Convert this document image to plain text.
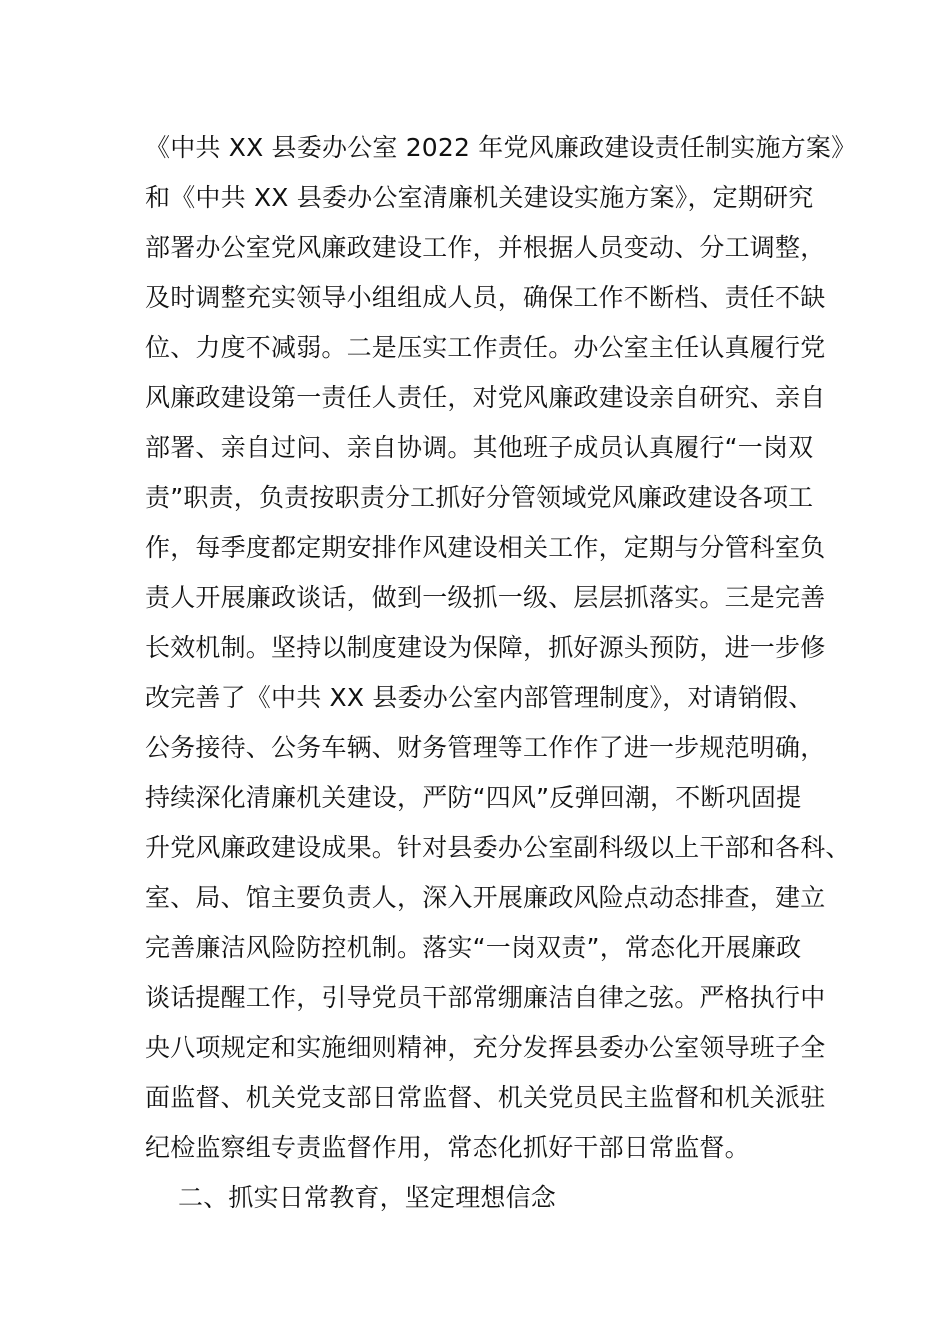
《中共 XX 县委办公室 2022 年党风廉政建设责任制实施方案》
和《中共 XX 县委办公室清廉机关建设实施方案》，定期研究
部署办公室党风廉政建设工作，并根据人员变动、分工调整，
及时调整充实领导小组组成人员，确保工作不断档、责任不缺
位、力度不减弱。二是压实工作责任。办公室主任认真履行党
风廉政建设第一责任人责任，对党风廉政建设亲自研究、亲自
部署、亲自过问、亲自协调。其他班子成员认真履行“一岗双
责”职责，负责按职责分工抓好分管领域党风廉政建设各项工
作，每季度都定期安排作风建设相关工作，定期与分管科室负
责人开展廉政谈话，做到一级抓一级、层层抓落实。三是完善
长效机制。坚持以制度建设为保障，抓好源头预防，进一步修
改完善了《中共 XX 县委办公室内部管理制度》，对请销假、
公务接待、公务车辆、财务管理等工作作了进一步规范明确，
持续深化清廉机关建设，严防“四风”反弹回潮，不断巩固提
升党风廉政建设成果。针对县委办公室副科级以上干部和各科、
室、局、馆主要负责人，深入开展廉政风险点动态排查，建立
完善廉洁风险防控机制。落实“一岗双责”，常态化开展廉政
谈话提醒工作，引导党员干部常绷廉洁自律之弦。严格执行中
央八项规定和实施细则精神，充分发挥县委办公室领导班子全
面监督、机关党支部日常监督、机关党员民主监督和机关派驻
纪检监察组专责监督作用，常态化抓好干部日常监督。
二、抓实日常教育，坚定理想信念
